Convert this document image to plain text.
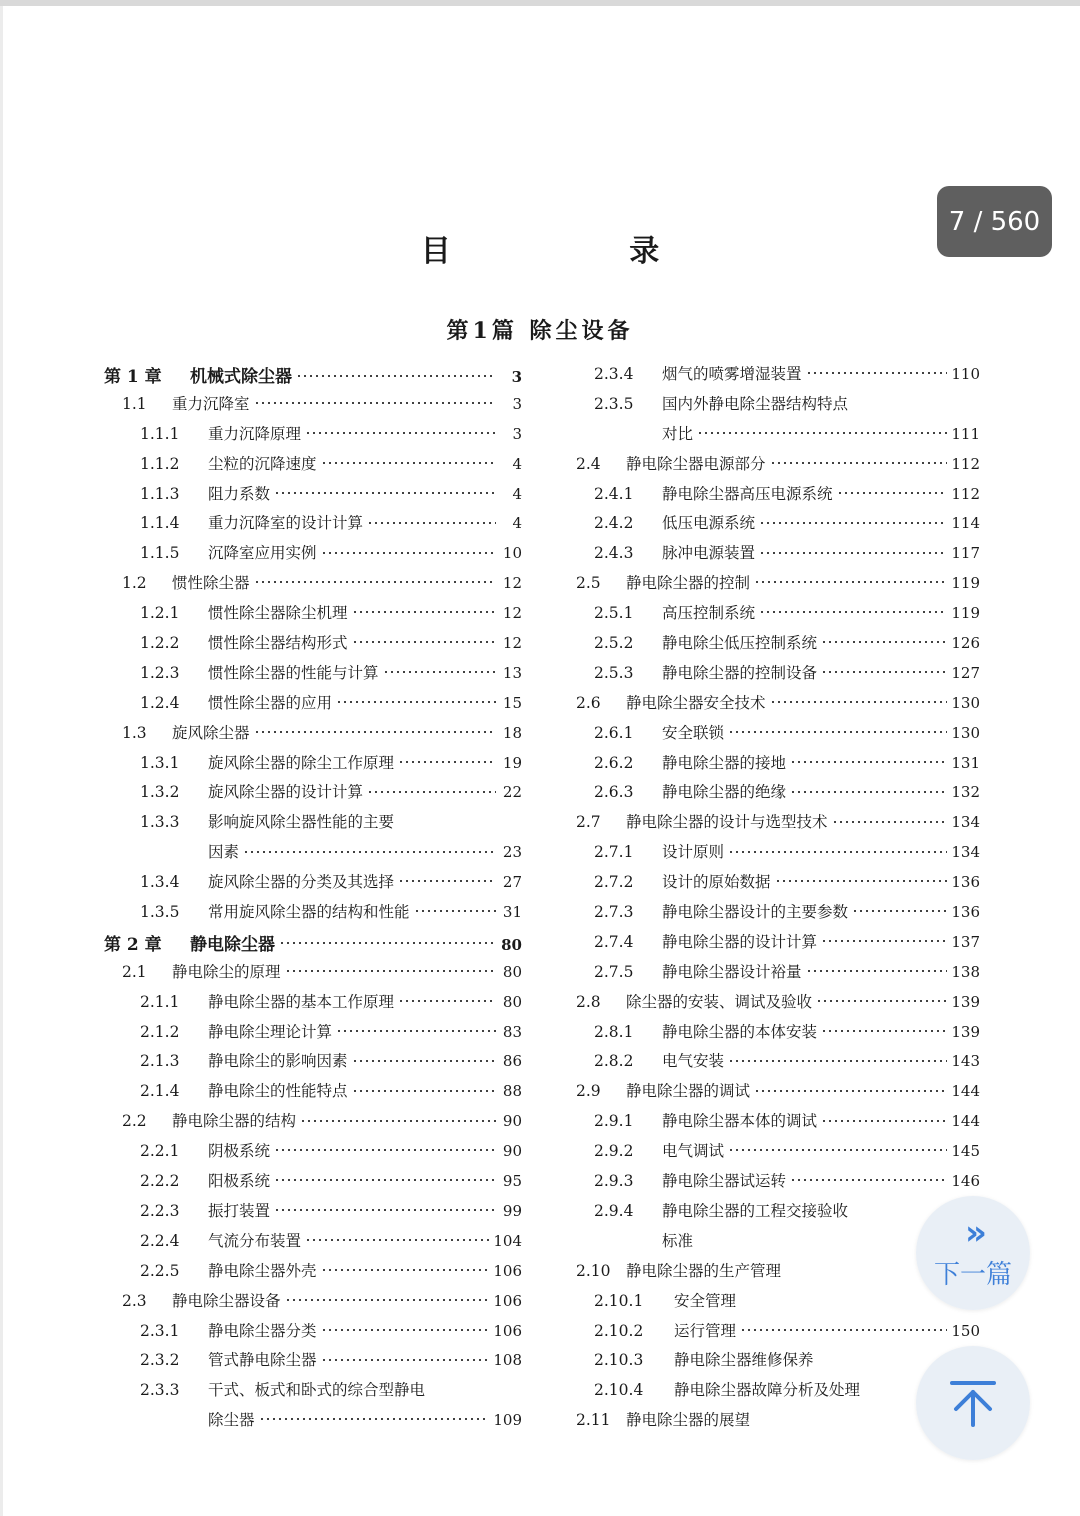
目 录
第1篇 除尘设备
第 1 章	机械式除尘器	3
1.1	重力沉降室	3
1.1.1	重力沉降原理	3
1.1.2	尘粒的沉降速度	4
1.1.3	阻力系数	4
1.1.4	重力沉降室的设计计算	4
1.1.5	沉降室应用实例	10
1.2	惯性除尘器	12
1.2.1	惯性除尘器除尘机理	12
1.2.2	惯性除尘器结构形式	12
1.2.3	惯性除尘器的性能与计算	13
1.2.4	惯性除尘器的应用	15
1.3	旋风除尘器	18
1.3.1	旋风除尘器的除尘工作原理	19
1.3.2	旋风除尘器的设计计算	22
1.3.3	影响旋风除尘器性能的主要
因素	23
1.3.4	旋风除尘器的分类及其选择	27
1.3.5	常用旋风除尘器的结构和性能	31
第 2 章	静电除尘器	80
2.1	静电除尘的原理	80
2.1.1	静电除尘器的基本工作原理	80
2.1.2	静电除尘理论计算	83
2.1.3	静电除尘的影响因素	86
2.1.4	静电除尘的性能特点	88
2.2	静电除尘器的结构	90
2.2.1	阴极系统	90
2.2.2	阳极系统	95
2.2.3	振打装置	99
2.2.4	气流分布装置	104
2.2.5	静电除尘器外壳	106
2.3	静电除尘器设备	106
2.3.1	静电除尘器分类	106
2.3.2	管式静电除尘器	108
2.3.3	干式、板式和卧式的综合型静电
除尘器	109
2.3.4	烟气的喷雾增湿装置	110
2.3.5	国内外静电除尘器结构特点
对比	111
2.4	静电除尘器电源部分	112
2.4.1	静电除尘器高压电源系统	112
2.4.2	低压电源系统	114
2.4.3	脉冲电源装置	117
2.5	静电除尘器的控制	119
2.5.1	高压控制系统	119
2.5.2	静电除尘低压控制系统	126
2.5.3	静电除尘器的控制设备	127
2.6	静电除尘器安全技术	130
2.6.1	安全联锁	130
2.6.2	静电除尘器的接地	131
2.6.3	静电除尘器的绝缘	132
2.7	静电除尘器的设计与选型技术	134
2.7.1	设计原则	134
2.7.2	设计的原始数据	136
2.7.3	静电除尘器设计的主要参数	136
2.7.4	静电除尘器的设计计算	137
2.7.5	静电除尘器设计裕量	138
2.8	除尘器的安装、调试及验收	139
2.8.1	静电除尘器的本体安装	139
2.8.2	电气安装	143
2.9	静电除尘器的调试	144
2.9.1	静电除尘器本体的调试	144
2.9.2	电气调试	145
2.9.3	静电除尘器试运转	146
2.9.4	静电除尘器的工程交接验收
标准
2.10 静电除尘器的生产管理
2.10.1	安全管理
2.10.2	运行管理	150
2.10.3	静电除尘器维修保养
2.10.4	静电除尘器故障分析及处理
2.11 静电除尘器的展望
7 / 560
»
下一篇
